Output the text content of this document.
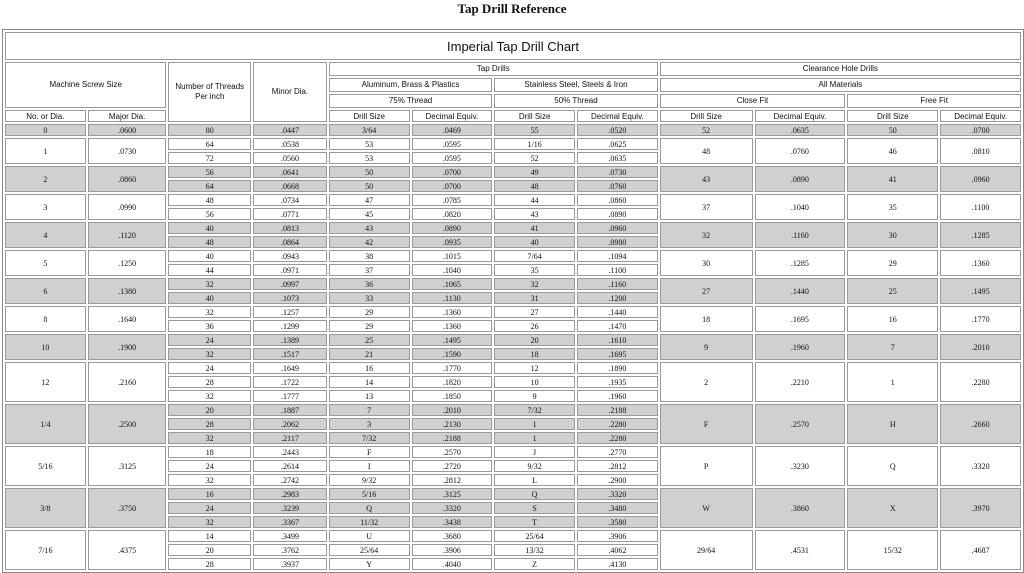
Tap Drill Reference
Imperial Tap Drill Chart											
Machine Screw Size		Number of Threads Per inch	Minor Dia.	Tap Drills				Clearance Hole Drills			
				Aluminum, Brass & Plastics		Stainless Steel, Steels & Iron		All Materials			
				75% Thread		50% Thread		Close Fit		Free Fit	
No. or Dia.	Major Dia.			Drill Size	Decimal Equiv.	Drill Size	Decimal Equiv.	Drill Size	Decimal Equiv.	Drill Size	Decimal Equiv.
0	.0600	80	.0447	3/64	.0469	55	.0520	52	.0635	50	.0700
1	.0730	64	.0538	53	.0595	1/16	.0625	48	.0760	46	.0810
		72	.0560	53	.0595	52	.0635				
2	.0860	56	.0641	50	.0700	49	.0730	43	.0890	41	.0960
		64	.0668	50	.0700	48	.0760				
3	.0990	48	.0734	47	.0785	44	.0860	37	.1040	35	.1100
		56	.0771	45	.0820	43	.0890				
4	.1120	40	.0813	43	.0890	41	.0960	32	.1160	30	.1285
		48	.0864	42	.0935	40	.0980				
5	.1250	40	.0943	38	.1015	7/64	.1094	30	.1285	29	.1360
		44	.0971	37	.1040	35	.1100				
6	.1380	32	.0997	36	.1065	32	.1160	27	.1440	25	.1495
		40	.1073	33	.1130	31	.1200				
8	.1640	32	.1257	29	.1360	27	.1440	18	.1695	16	.1770
		36	.1299	29	.1360	26	.1470				
10	.1900	24	.1389	25	.1495	20	.1610	9	.1960	7	.2010
		32	.1517	21	.1590	18	.1695				
12	.2160	24	.1649	16	.1770	12	.1890	2	.2210	1	.2280
		28	.1722	14	.1820	10	.1935				
		32	.1777	13	.1850	9	.1960				
1/4	.2500	20	.1887	7	.2010	7/32	.2188	F	.2570	H	.2660
		28	.2062	3	.2130	1	.2280				
		32	.2117	7/32	.2188	1	.2280				
5/16	.3125	18	.2443	F	.2570	J	.2770	P	.3230	Q	.3320
		24	.2614	I	.2720	9/32	.2812				
		32	.2742	9/32	.2812	L	.2900				
3/8	.3750	16	.2983	5/16	.3125	Q	.3320	W	.3860	X	.3970
		24	.3239	Q	.3320	S	.3480				
		32	.3367	11/32	.3438	T	.3580				
7/16	.4375	14	.3499	U	.3680	25/64	.3906	29/64	.4531	15/32	.4687
		20	.3762	25/64	.3906	13/32	.4062				
		28	.3937	Y	.4040	Z	.4130				
